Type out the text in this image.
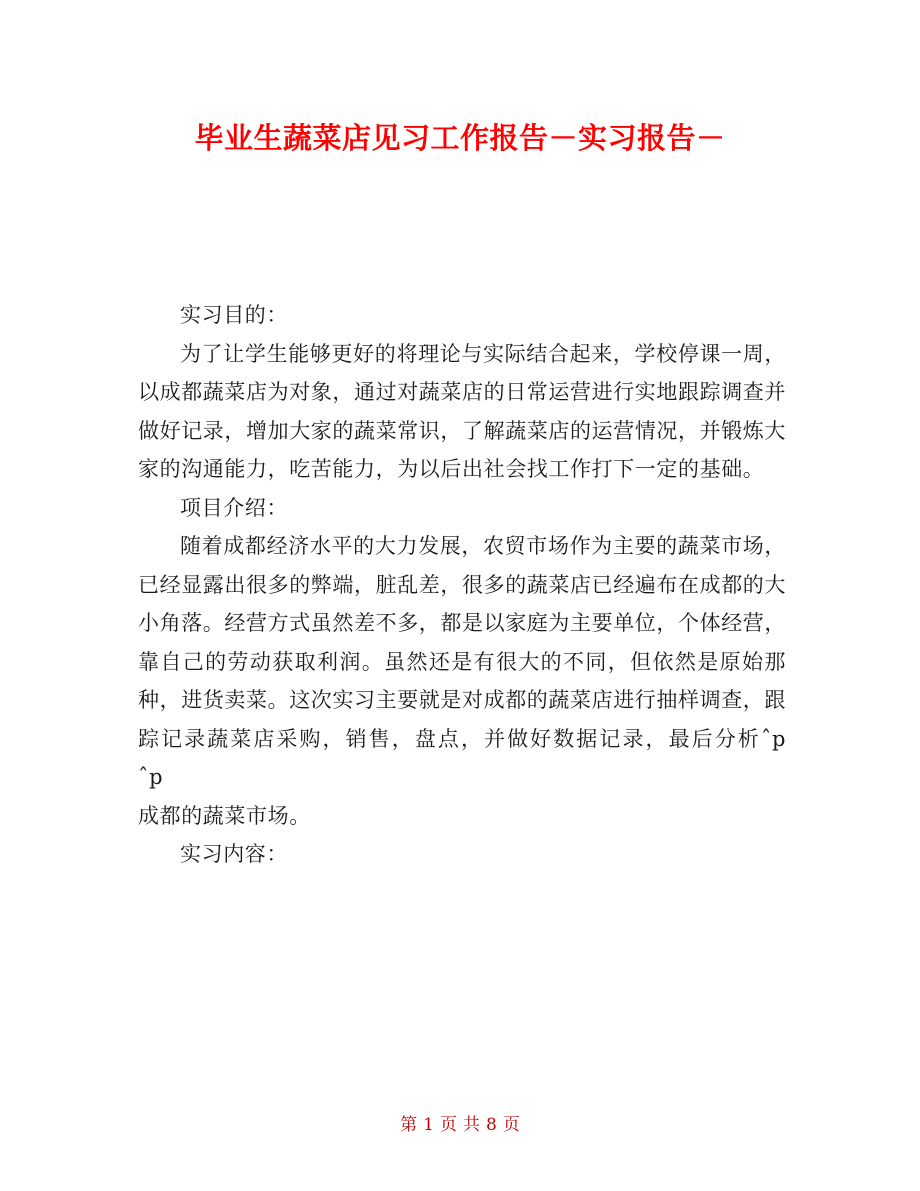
毕业生蔬菜店见习工作报告－实习报告－

实习目的：

为了让学生能够更好的将理论与实际结合起来，学校停课一周，以成都蔬菜店为对象，通过对蔬菜店的日常运营进行实地跟踪调查并做好记录，增加大家的蔬菜常识，了解蔬菜店的运营情况，并锻炼大家的沟通能力，吃苦能力，为以后出社会找工作打下一定的基础。

项目介绍：

随着成都经济水平的大力发展，农贸市场作为主要的蔬菜市场，已经显露出很多的弊端，脏乱差，很多的蔬菜店已经遍布在成都的大小角落。经营方式虽然差不多，都是以家庭为主要单位，个体经营，靠自己的劳动获取利润。虽然还是有很大的不同，但依然是原始那种，进货卖菜。这次实习主要就是对成都的蔬菜店进行抽样调查，跟踪记录蔬菜店采购，销售，盘点，并做好数据记录，最后分析ˆp　　ˆp

成都的蔬菜市场。

实习内容：

第 1 页 共 8 页
